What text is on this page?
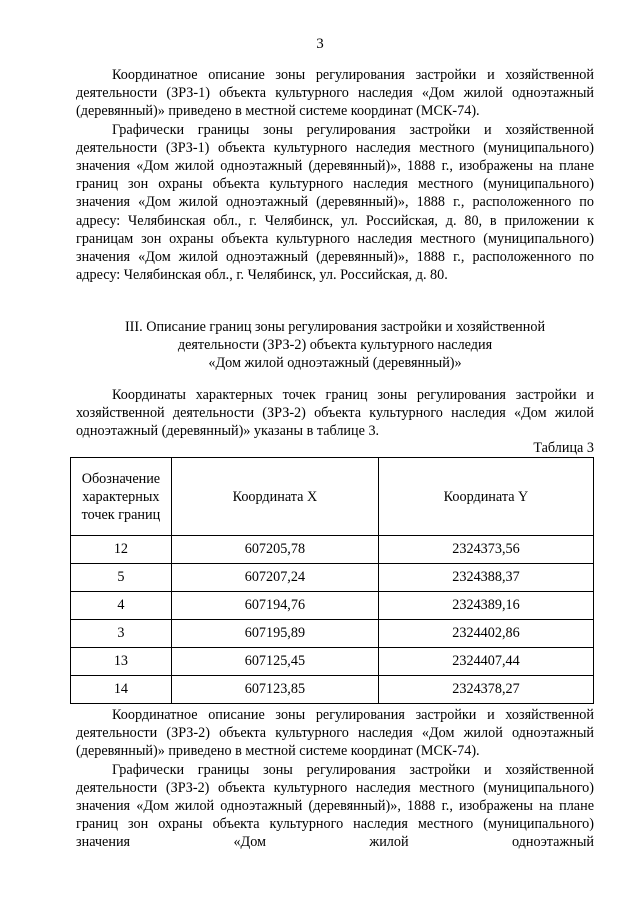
3

Координатное описание зоны регулирования застройки и хозяйственной деятельности (ЗРЗ-1) объекта культурного наследия «Дом жилой одноэтажный (деревянный)» приведено в местной системе координат (МСК-74).

Графически границы зоны регулирования застройки и хозяйственной деятельности (ЗРЗ-1) объекта культурного наследия местного (муниципального) значения «Дом жилой одноэтажный (деревянный)», 1888 г., изображены на плане границ зон охраны объекта культурного наследия местного (муниципального) значения «Дом жилой одноэтажный (деревянный)», 1888 г., расположенного по адресу: Челябинская обл., г. Челябинск, ул. Российская, д. 80, в приложении к границам зон охраны объекта культурного наследия местного (муниципального) значения «Дом жилой одноэтажный (деревянный)», 1888 г., расположенного по адресу: Челябинская обл., г. Челябинск, ул. Российская, д. 80.

III. Описание границ зоны регулирования застройки и хозяйственной
деятельности (ЗРЗ-2) объекта культурного наследия
«Дом жилой одноэтажный (деревянный)»

Координаты характерных точек границ зоны регулирования застройки и хозяйственной деятельности (ЗРЗ-2) объекта культурного наследия «Дом жилой одноэтажный (деревянный)» указаны в таблице 3.

Таблица 3
Обозначение характерных точек границ	Координата X	Координата Y
12	607205,78	2324373,56
5	607207,24	2324388,37
4	607194,76	2324389,16
3	607195,89	2324402,86
13	607125,45	2324407,44
14	607123,85	2324378,27

Координатное описание зоны регулирования застройки и хозяйственной деятельности (ЗРЗ-2) объекта культурного наследия «Дом жилой одноэтажный (деревянный)» приведено в местной системе координат (МСК-74).

Графически границы зоны регулирования застройки и хозяйственной деятельности (ЗРЗ-2) объекта культурного наследия местного (муниципального) значения «Дом жилой одноэтажный (деревянный)», 1888 г., изображены на плане границ зон охраны объекта культурного наследия местного (муниципального) значения «Дом жилой одноэтажный
